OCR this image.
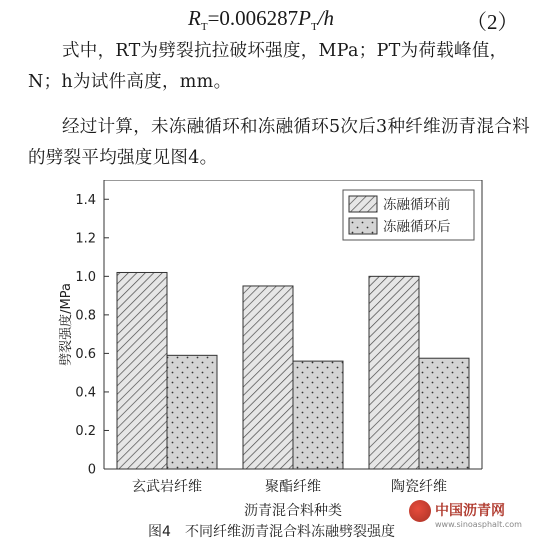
$R_T=0.006287P_T/h$	（2）
式中，RT为劈裂抗拉破坏强度，MPa；PT为荷载峰值，N；h为试件高度，mm。
经过计算，未冻融循环和冻融循环5次后3种纤维沥青混合料的劈裂平均强度见图4。
玄武岩纤维	聚酯纤维	陶瓷纤维
0
0.2
0.4
0.6
0.8
1.0
1.2
1.4
沥青混合料种类
劈裂强度/MPa
冻融循环前
冻融循环后
图4　不同纤维沥青混合料冻融劈裂强度
中国沥青网
www.sinoasphalt.com
